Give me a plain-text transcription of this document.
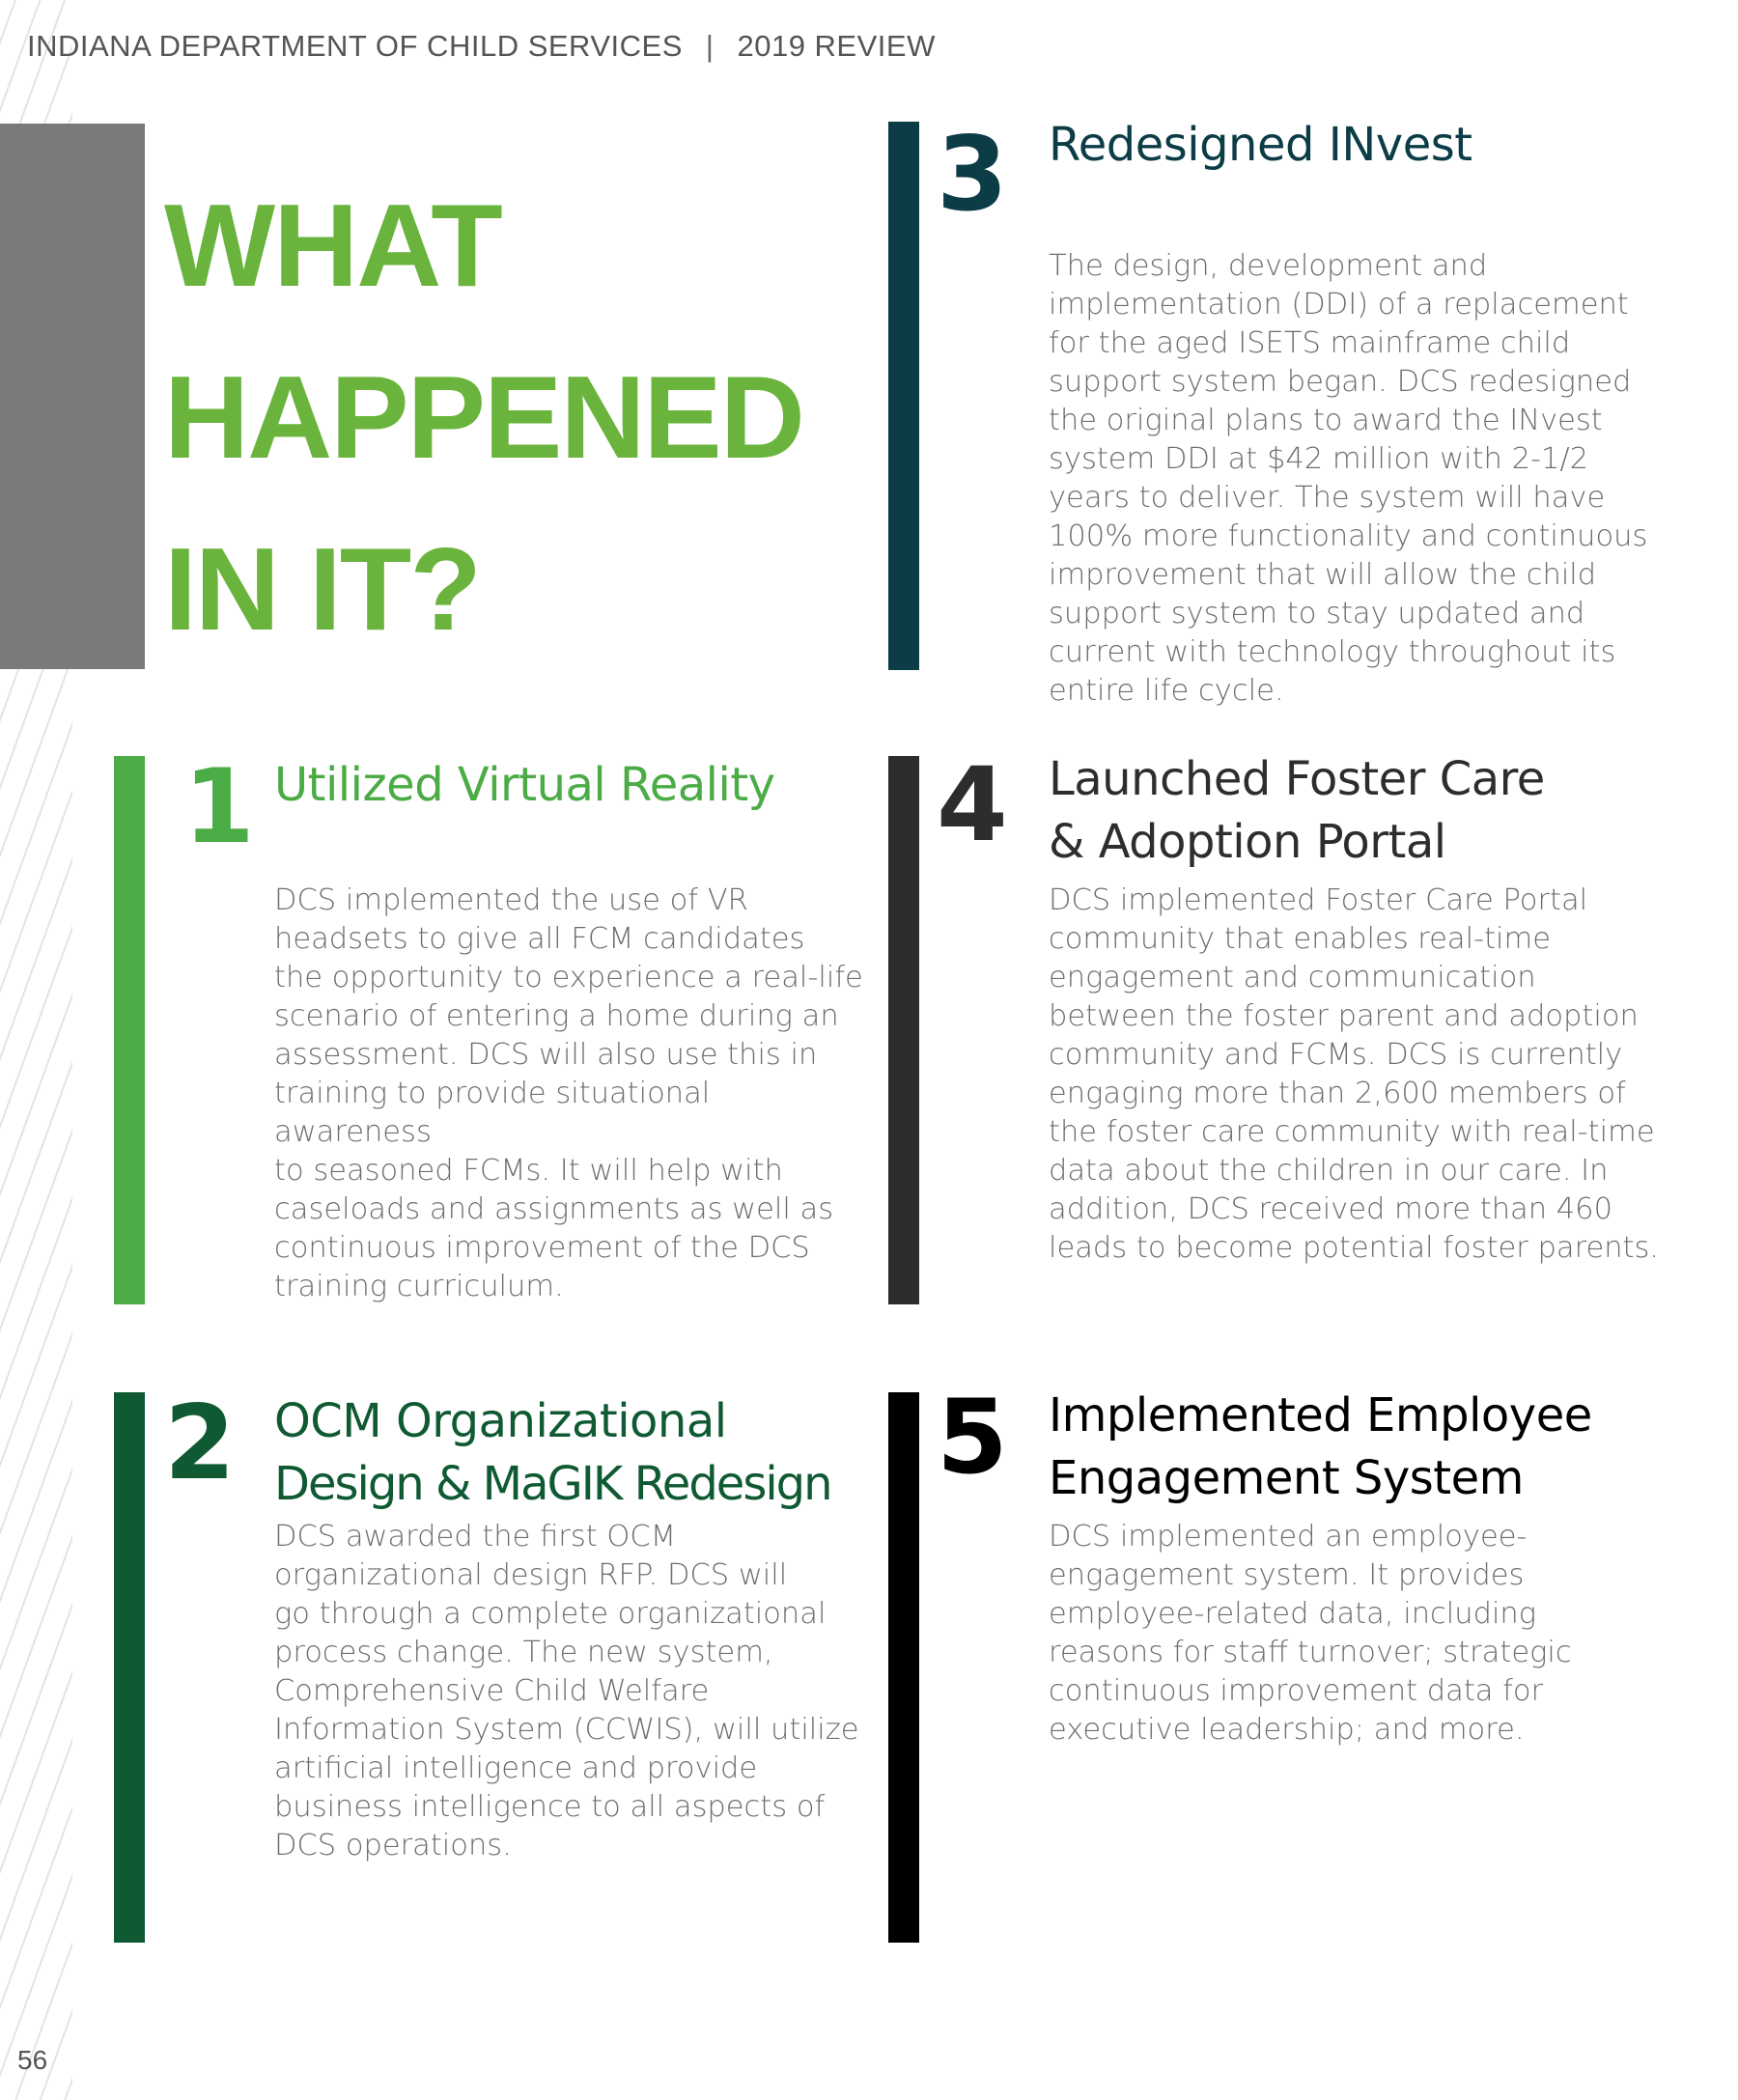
INDIANA DEPARTMENT OF CHILD SERVICES | 2019 REVIEW
WHAT
HAPPENED
IN IT?
1 Utilized Virtual Reality
DCS implemented the use of VR
headsets to give all FCM candidates
the opportunity to experience a real-life
scenario of entering a home during an
assessment. DCS will also use this in
training to provide situational awareness
to seasoned FCMs. It will help with
caseloads and assignments as well as
continuous improvement of the DCS
training curriculum.
2 OCM Organizational
Design & MaGIK Redesign
DCS awarded the first OCM
organizational design RFP. DCS will
go through a complete organizational
process change. The new system,
Comprehensive Child Welfare
Information System (CCWIS), will utilize
artificial intelligence and provide
business intelligence to all aspects of
DCS operations.
3 Redesigned INvest
The design, development and
implementation (DDI) of a replacement
for the aged ISETS mainframe child
support system began. DCS redesigned
the original plans to award the INvest
system DDI at $42 million with 2-1/2
years to deliver. The system will have
100% more functionality and continuous
improvement that will allow the child
support system to stay updated and
current with technology throughout its
entire life cycle.
4 Launched Foster Care
& Adoption Portal
DCS implemented Foster Care Portal
community that enables real-time
engagement and communication
between the foster parent and adoption
community and FCMs. DCS is currently
engaging more than 2,600 members of
the foster care community with real-time
data about the children in our care. In
addition, DCS received more than 460
leads to become potential foster parents.
5 Implemented Employee
Engagement System
DCS implemented an employee-
engagement system. It provides
employee-related data, including
reasons for staff turnover; strategic
continuous improvement data for
executive leadership; and more.
56
